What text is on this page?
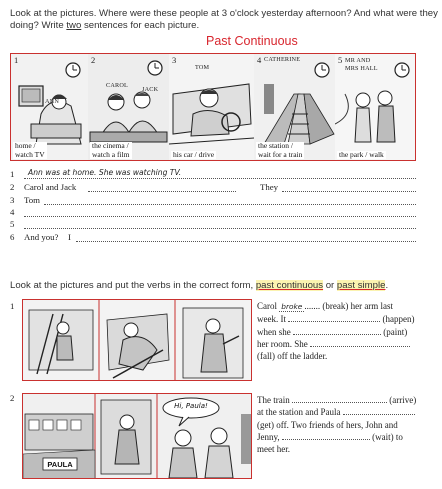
Look at the pictures. Where were these people at 3 o'clock yesterday afternoon? And what were they
doing? Write two sentences for each picture.
Past Continuous
1
ANN
home /
watch TV
2
CAROL
JACK
the cinema /
watch a film
3
TOM
his car / drive
4 CATHERINE
the station /
wait for a train
5 MR AND
MRS HALL
the park / walk
1 Ann was at home. She was watching TV.
2 Carol and Jack	They
3 Tom
4
5
6 And you? I
Look at the pictures and put the verbs in the correct form, past continuous or past simple.
1	Carol broke ....... (break) her arm last
week. It	(happen)
when she	(paint)
her room. She
(fall) off the ladder.
2
Hi, Paula!
PAULA
The train	(arrive)
at the station and Paula
(get) off. Two friends of hers, John and
Jenny,	(wait) to
meet her.
